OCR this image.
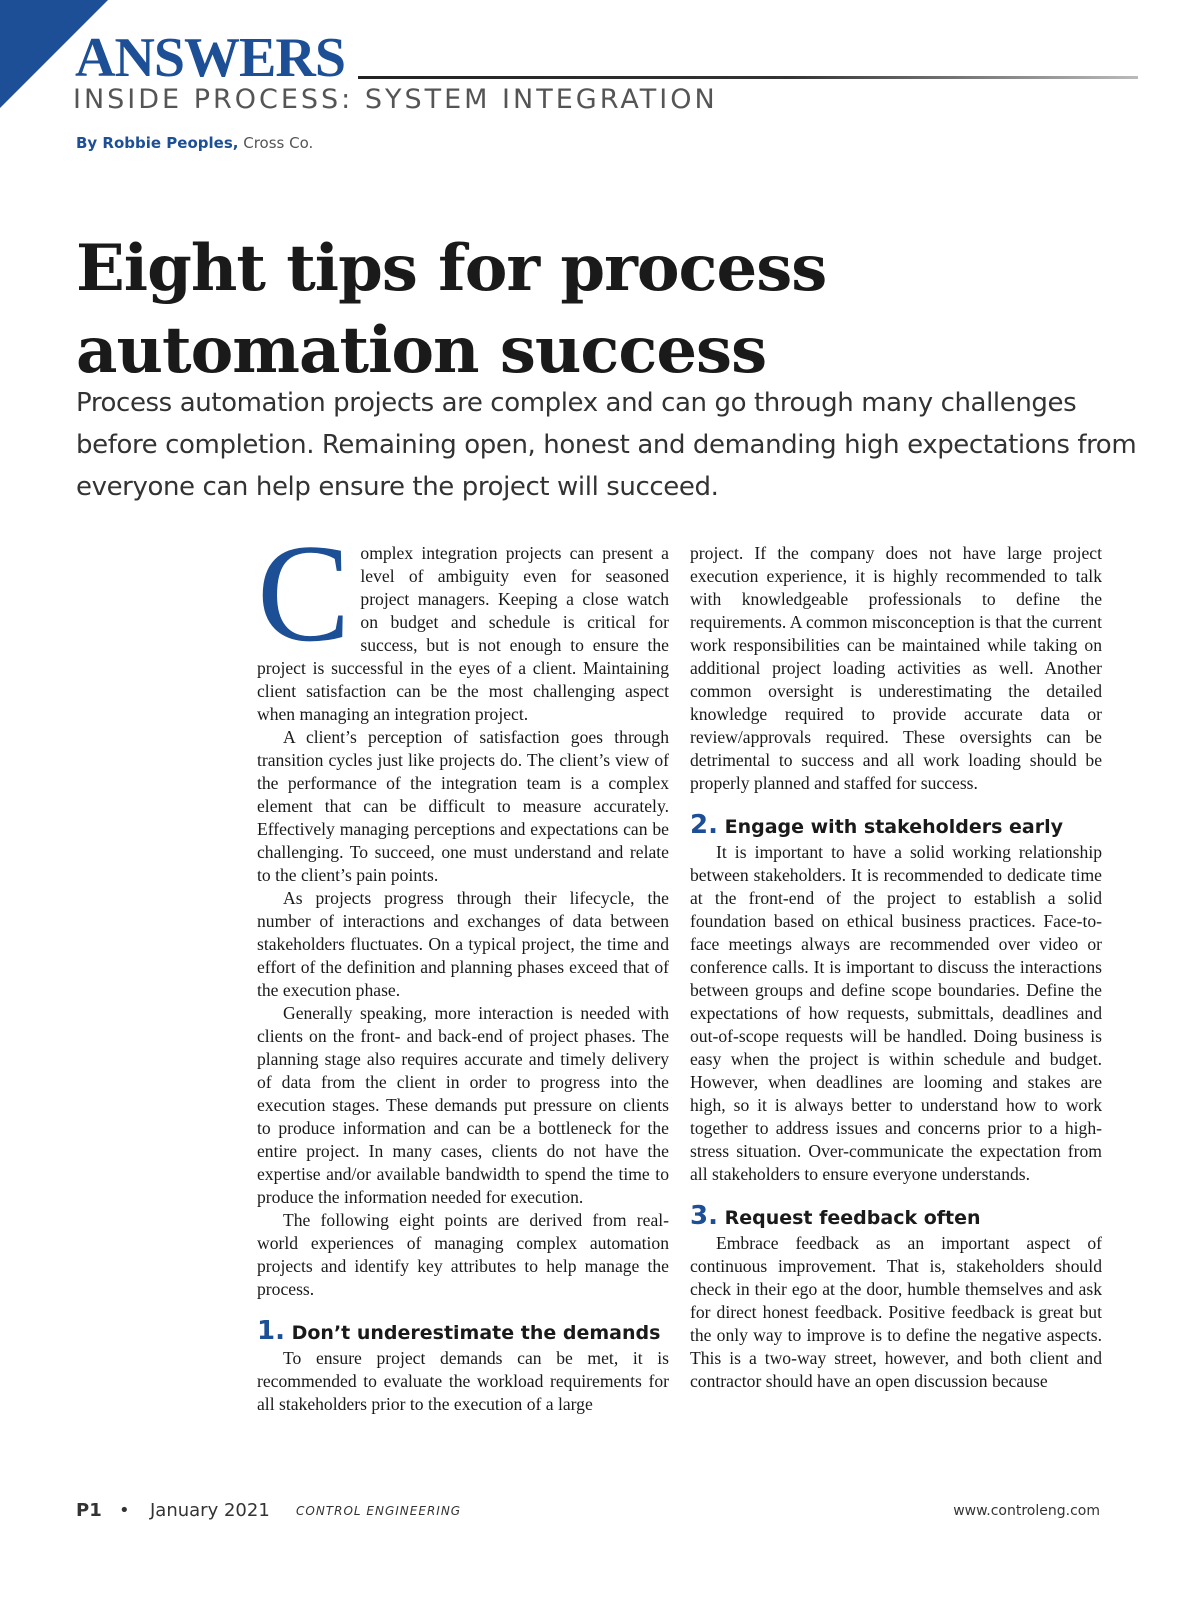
ANSWERS
INSIDE PROCESS: SYSTEM INTEGRATION
By Robbie Peoples, Cross Co.
Eight tips for process
automation success

Process automation projects are complex and can go through many challenges before completion. Remaining open, honest and demanding high expectations from everyone can help ensure the project will succeed.

C omplex integration projects can present a level of ambiguity even for seasoned project managers. Keeping a close watch on budget and schedule is critical for success, but is not enough to ensure the project is successful in the eyes of a client. Maintaining client satisfaction can be the most challenging aspect when managing an integration project.

A client’s perception of satisfaction goes through transition cycles just like projects do. The client’s view of the performance of the integration team is a complex element that can be difficult to measure accurately. Effectively managing perceptions and expectations can be challenging. To succeed, one must understand and relate to the client’s pain points.

As projects progress through their lifecycle, the number of interactions and exchanges of data between stakeholders fluctuates. On a typical project, the time and effort of the definition and planning phases exceed that of the execution phase.

Generally speaking, more interaction is needed with clients on the front- and back-end of project phases. The planning stage also requires accurate and timely delivery of data from the client in order to progress into the execution stages. These demands put pressure on clients to produce information and can be a bottleneck for the entire project. In many cases, clients do not have the expertise and/or available bandwidth to spend the time to produce the information needed for execution.

The following eight points are derived from real-world experiences of managing complex automation projects and identify key attributes to help manage the process.

1. Don’t underestimate the demands

To ensure project demands can be met, it is recommended to evaluate the workload requirements for all stakeholders prior to the execution of a large

project. If the company does not have large project execution experience, it is highly recommended to talk with knowledgeable professionals to define the requirements. A common misconception is that the current work responsibilities can be maintained while taking on additional project loading activities as well. Another common oversight is underestimating the detailed knowledge required to provide accurate data or review/approvals required. These oversights can be detrimental to success and all work loading should be properly planned and staffed for success.

2. Engage with stakeholders early

It is important to have a solid working relationship between stakeholders. It is recommended to dedicate time at the front-end of the project to establish a solid foundation based on ethical business practices. Face-to-face meetings always are recommended over video or conference calls. It is important to discuss the interactions between groups and define scope boundaries. Define the expectations of how requests, submittals, deadlines and out-of-scope requests will be handled. Doing business is easy when the project is within schedule and budget. However, when deadlines are looming and stakes are high, so it is always better to understand how to work together to address issues and concerns prior to a high-stress situation. Over-communicate the expectation from all stakeholders to ensure everyone understands.

3. Request feedback often

Embrace feedback as an important aspect of continuous improvement. That is, stakeholders should check in their ego at the door, humble themselves and ask for direct honest feedback. Positive feedback is great but the only way to improve is to define the negative aspects. This is a two-way street, however, and both client and contractor should have an open discussion because

P1 • January 2021 CONTROL ENGINEERING	www.controleng.com
